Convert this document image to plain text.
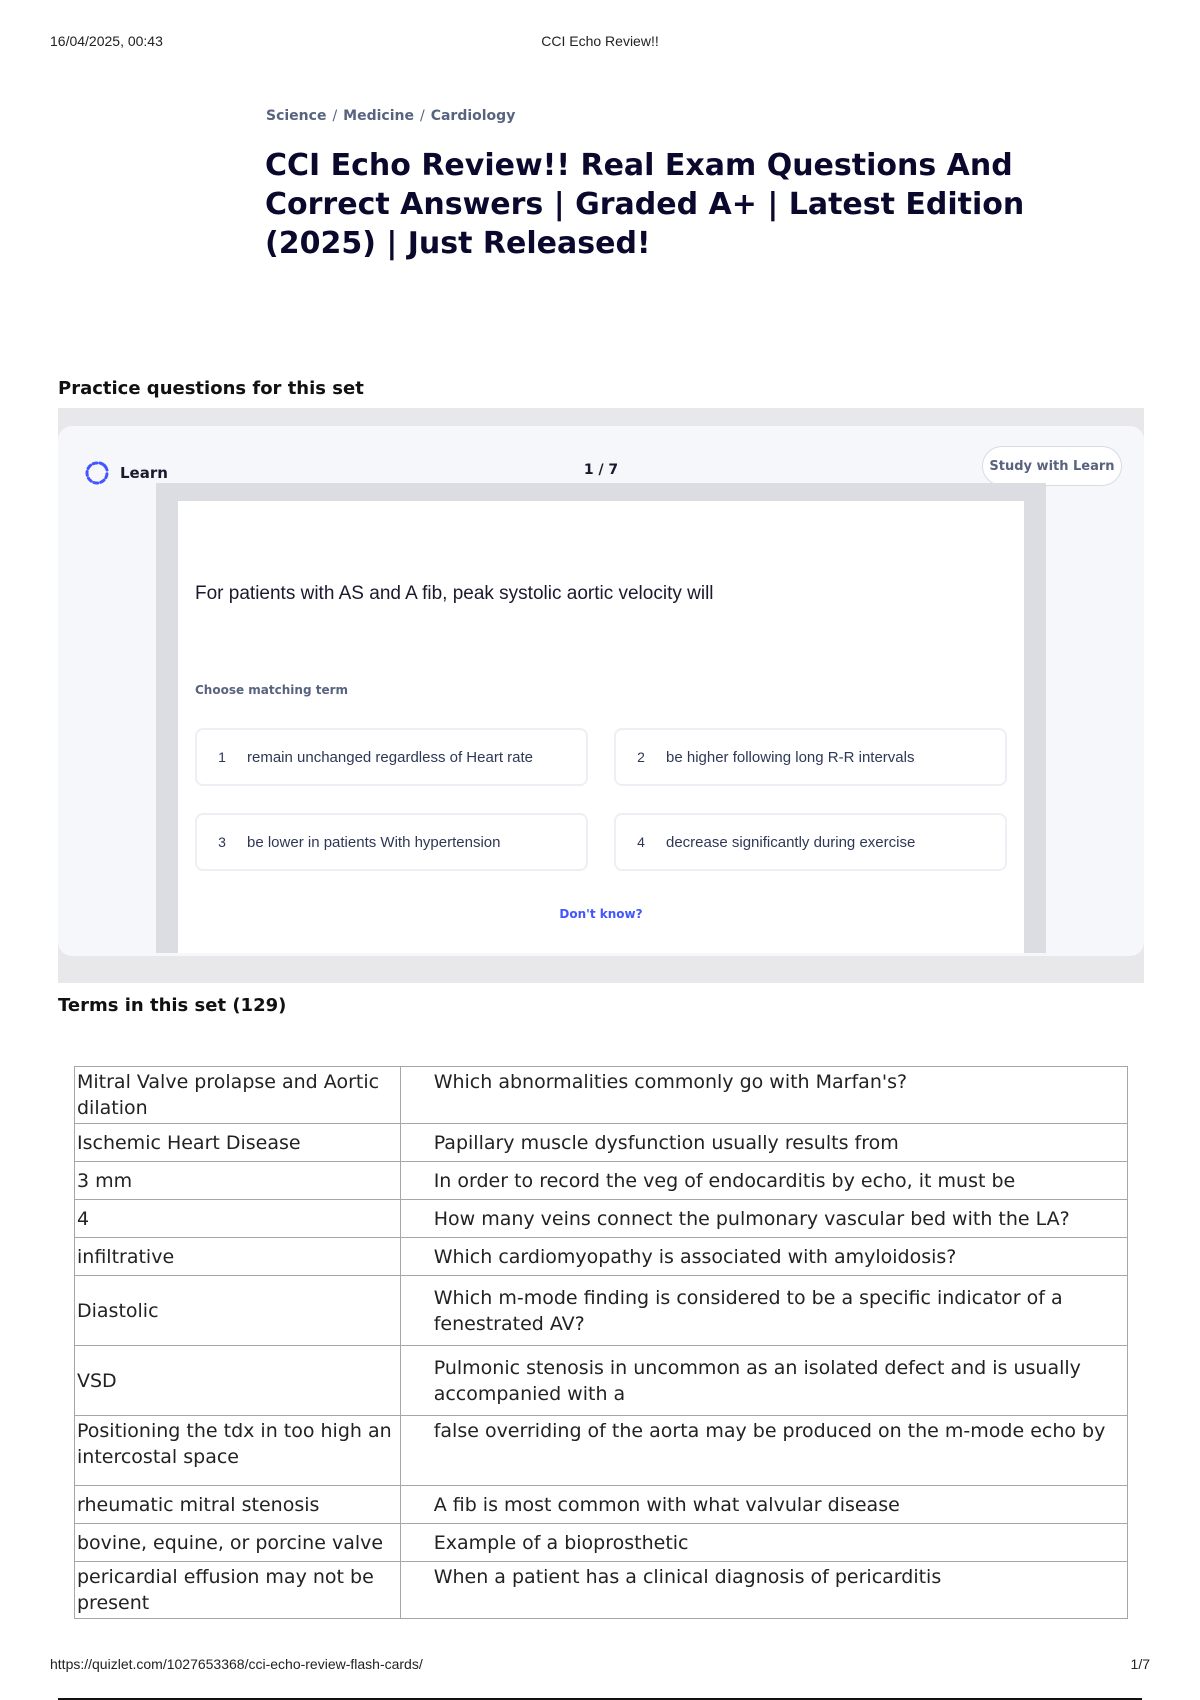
16/04/2025, 00:43	CCI Echo Review!!
Science / Medicine / Cardiology
CCI Echo Review!! Real Exam Questions And Correct Answers | Graded A+ | Latest Edition (2025) | Just Released!
Practice questions for this set
Learn	1 / 7	Study with Learn
For patients with AS and A fib, peak systolic aortic velocity will
Choose matching term
1	remain unchanged regardless of Heart rate	2	be higher following long R-R intervals
3	be lower in patients With hypertension	4	decrease significantly during exercise
Don't know?
Terms in this set (129)
Mitral Valve prolapse and Aortic dilation	Which abnormalities commonly go with Marfan's?
Ischemic Heart Disease	Papillary muscle dysfunction usually results from
3 mm	In order to record the veg of endocarditis by echo, it must be
4	How many veins connect the pulmonary vascular bed with the LA?
infiltrative	Which cardiomyopathy is associated with amyloidosis?
Diastolic	Which m-mode finding is considered to be a specific indicator of a fenestrated AV?
VSD	Pulmonic stenosis in uncommon as an isolated defect and is usually accompanied with a
Positioning the tdx in too high an intercostal space	false overriding of the aorta may be produced on the m-mode echo by
rheumatic mitral stenosis	A fib is most common with what valvular disease
bovine, equine, or porcine valve	Example of a bioprosthetic
pericardial effusion may not be present	When a patient has a clinical diagnosis of pericarditis
https://quizlet.com/1027653368/cci-echo-review-flash-cards/	1/7
